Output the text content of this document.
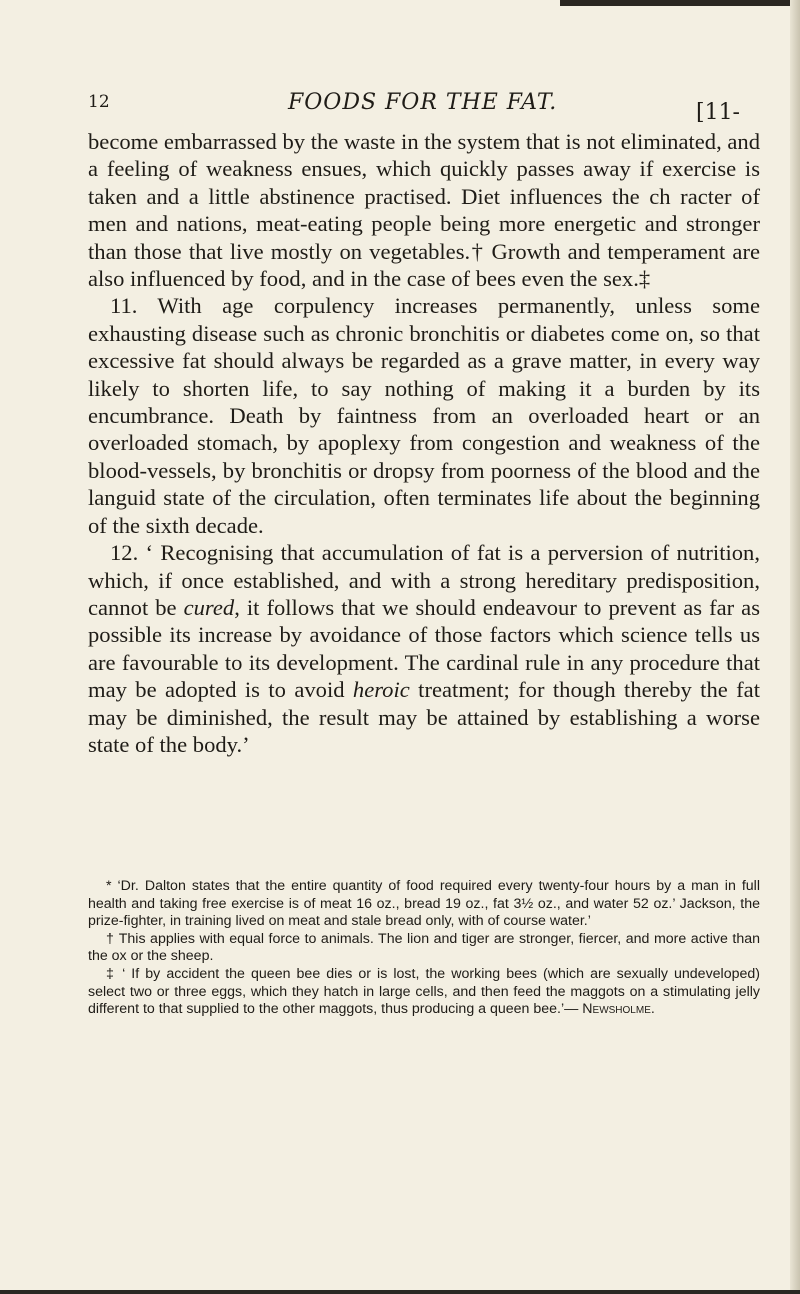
12	FOODS FOR THE FAT.	[11-

become embarrassed by the waste in the system that is not eliminated, and a feeling of weakness ensues, which quickly passes away if exercise is taken and a little abstinence practised. Diet influences the ch racter of men and nations, meat-eating people being more energetic and stronger than those that live mostly on vegetables.† Growth and temperament are also influenced by food, and in the case of bees even the sex.‡

11. With age corpulency increases permanently, unless some exhausting disease such as chronic bronchitis or diabetes come on, so that excessive fat should always be regarded as a grave matter, in every way likely to shorten life, to say nothing of making it a burden by its encumbrance. Death by faintness from an overloaded heart or an overloaded stomach, by apoplexy from congestion and weakness of the blood-vessels, by bronchitis or dropsy from poorness of the blood and the languid state of the circulation, often terminates life about the beginning of the sixth decade.

12. ‘ Recognising that accumulation of fat is a perversion of nutrition, which, if once established, and with a strong hereditary predisposition, cannot be cured, it follows that we should endeavour to prevent as far as possible its increase by avoidance of those factors which science tells us are favourable to its development. The cardinal rule in any procedure that may be adopted is to avoid heroic treatment; for though thereby the fat may be diminished, the result may be attained by establishing a worse state of the body.’

* ‘Dr. Dalton states that the entire quantity of food required every twenty-four hours by a man in full health and taking free exercise is of meat 16 oz., bread 19 oz., fat 3½ oz., and water 52 oz.’ Jackson, the prize-fighter, in training lived on meat and stale bread only, with of course water.’

† This applies with equal force to animals. The lion and tiger are stronger, fiercer, and more active than the ox or the sheep.

‡ ‘ If by accident the queen bee dies or is lost, the working bees (which are sexually undeveloped) select two or three eggs, which they hatch in large cells, and then feed the maggots on a stimulating jelly different to that supplied to the other maggots, thus producing a queen bee.’— Newsholme.
